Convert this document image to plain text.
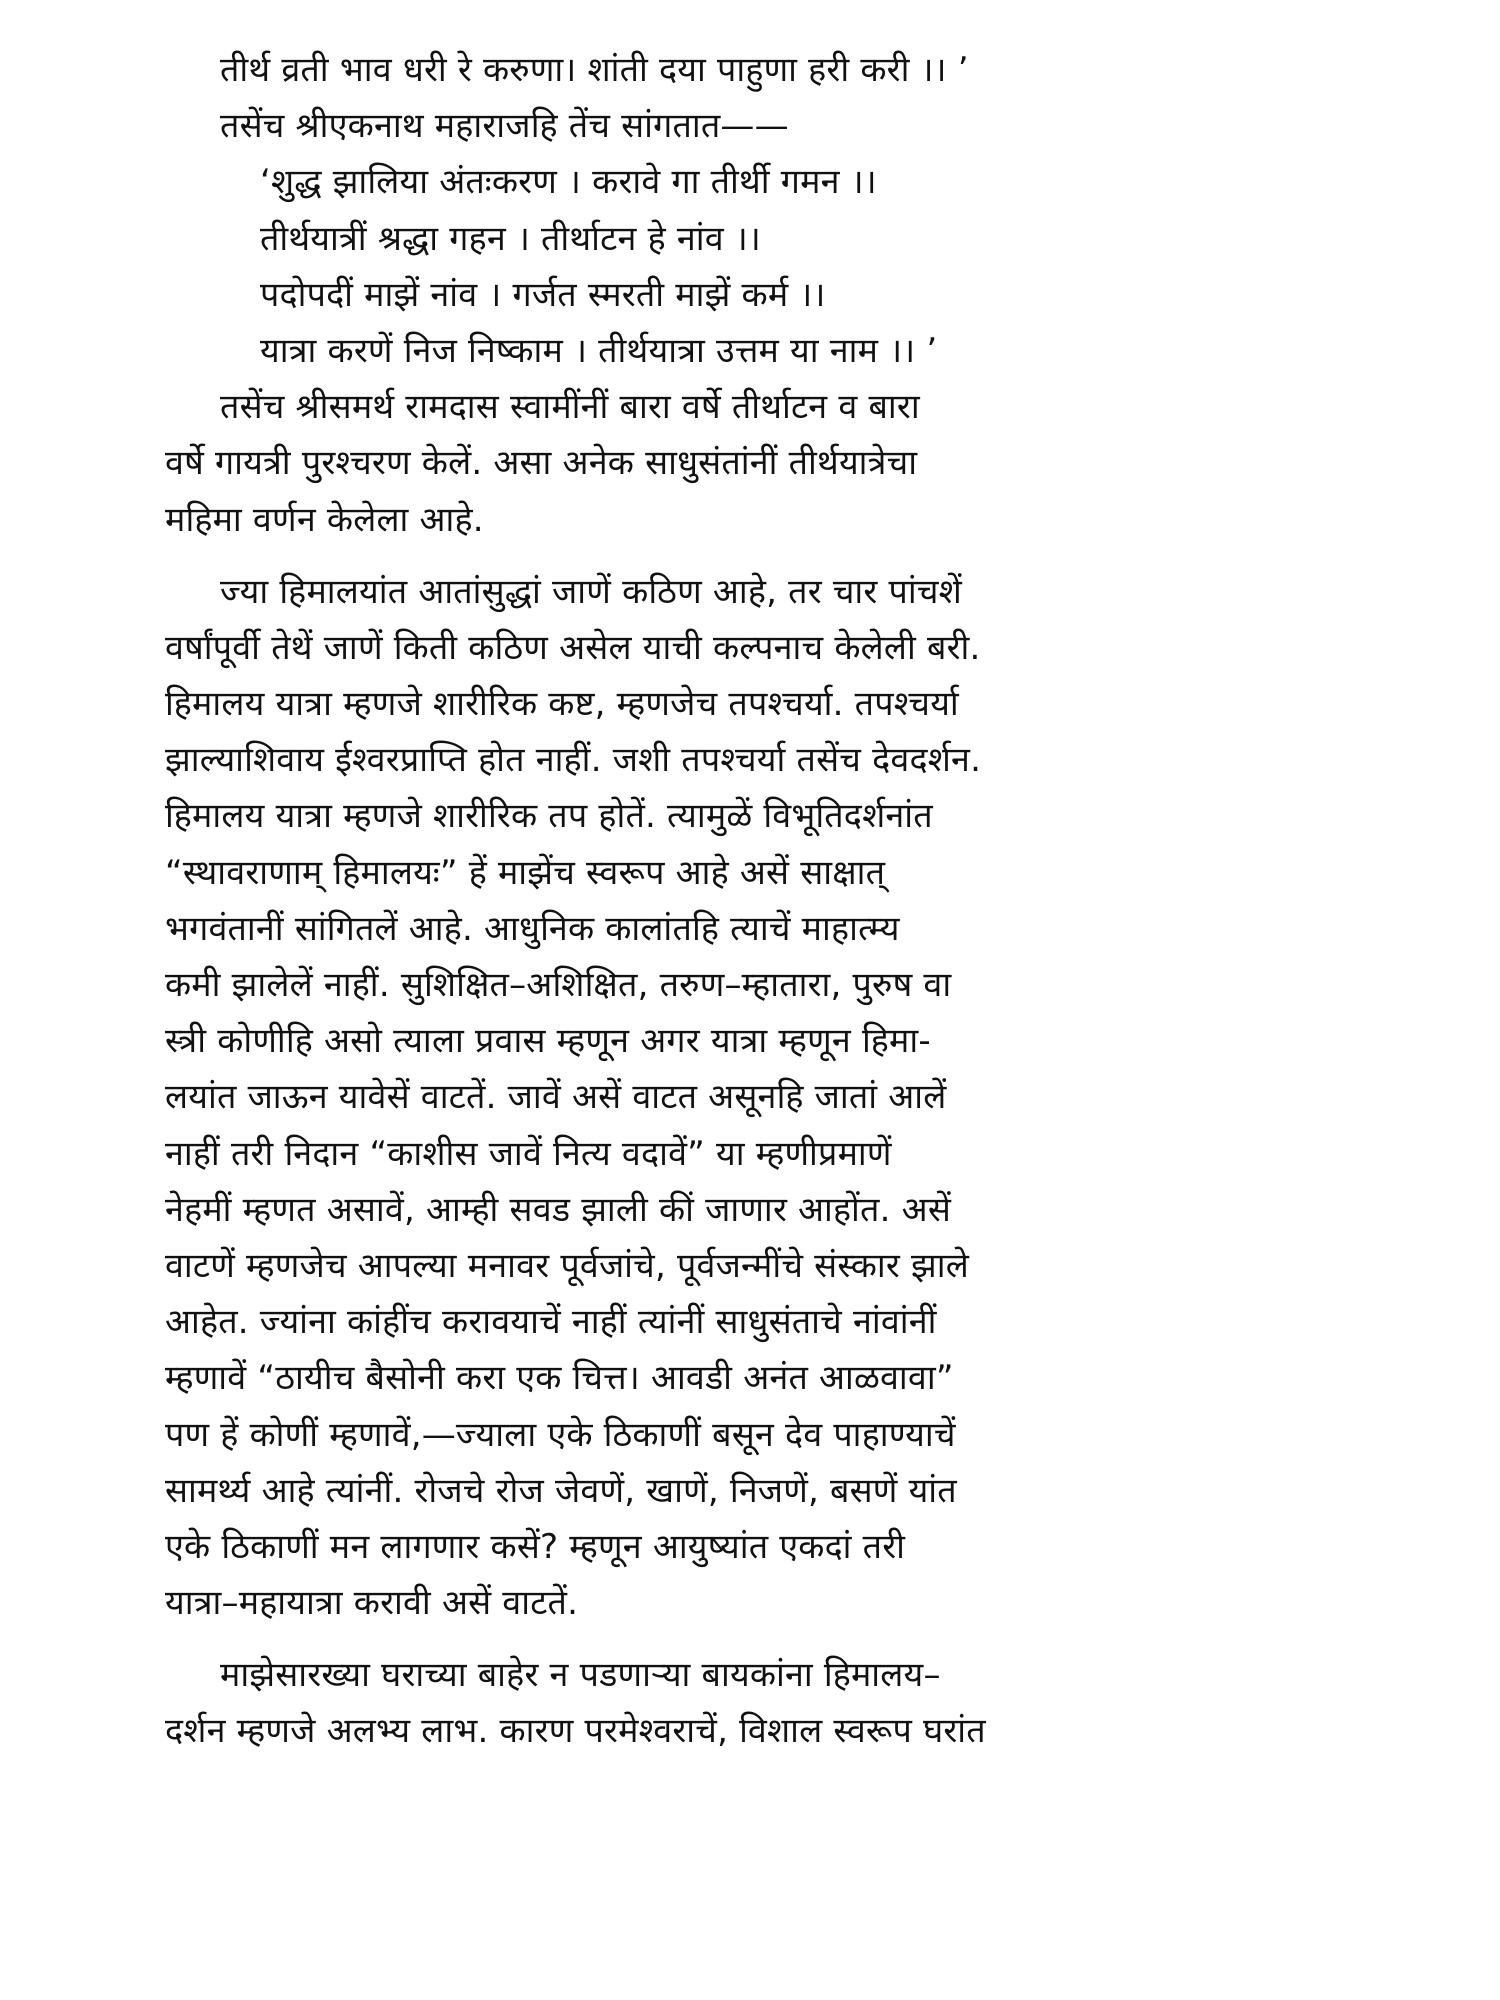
तीर्थ व्रती भाव धरी रे करुणा। शांती दया पाहुणा हरी करी ।। ’
तसेंच श्रीएकनाथ महाराजहि तेंच सांगतात——
‘शुद्ध झालिया अंतःकरण । करावे गा तीर्थी गमन ।।
तीर्थयात्रीं श्रद्धा गहन । तीर्थाटन हे नांव ।।
पदोपदीं माझें नांव । गर्जत स्मरती माझें कर्म ।।
यात्रा करणें निज निष्काम । तीर्थयात्रा उत्तम या नाम ।। ’
तसेंच श्रीसमर्थ रामदास स्वामींनीं बारा वर्षे तीर्थाटन व बारा
वर्षे गायत्री पुरश्चरण केलें. असा अनेक साधुसंतांनीं तीर्थयात्रेचा
महिमा वर्णन केलेला आहे.
ज्या हिमालयांत आतांसुद्धां जाणें कठिण आहे, तर चार पांचशें
वर्षांपूर्वी तेथें जाणें किती कठिण असेल याची कल्पनाच केलेली बरी.
हिमालय यात्रा म्हणजे शारीरिक कष्ट, म्हणजेच तपश्चर्या. तपश्चर्या
झाल्याशिवाय ईश्वरप्राप्ति होत नाहीं. जशी तपश्चर्या तसेंच देवदर्शन.
हिमालय यात्रा म्हणजे शारीरिक तप होतें. त्यामुळें विभूतिदर्शनांत
“स्थावराणाम् हिमालयः” हें माझेंच स्वरूप आहे असें साक्षात्
भगवंतानीं सांगितलें आहे. आधुनिक कालांतहि त्याचें माहात्म्य
कमी झालेलें नाहीं. सुशिक्षित–अशिक्षित, तरुण–म्हातारा, पुरुष वा
स्त्री कोणीहि असो त्याला प्रवास म्हणून अगर यात्रा म्हणून हिमा-
लयांत जाऊन यावेसें वाटतें. जावें असें वाटत असूनहि जातां आलें
नाहीं तरी निदान “काशीस जावें नित्य वदावें” या म्हणीप्रमाणें
नेहमीं म्हणत असावें, आम्ही सवड झाली कीं जाणार आहोंत. असें
वाटणें म्हणजेच आपल्या मनावर पूर्वजांचे, पूर्वजन्मींचे संस्कार झाले
आहेत. ज्यांना कांहींच करावयाचें नाहीं त्यांनीं साधुसंताचे नांवांनीं
म्हणावें “ठायीच बैसोनी करा एक चित्त। आवडी अनंत आळवावा”
पण हें कोणीं म्हणावें,—ज्याला एके ठिकाणीं बसून देव पाहाण्याचें
सामर्थ्य आहे त्यांनीं. रोजचे रोज जेवणें, खाणें, निजणें, बसणें यांत
एके ठिकाणीं मन लागणार कसें? म्हणून आयुष्यांत एकदां तरी
यात्रा–महायात्रा करावी असें वाटतें.
माझेसारख्या घराच्या बाहेर न पडणाऱ्या बायकांना हिमालय–
दर्शन म्हणजे अलभ्य लाभ. कारण परमेश्वराचें, विशाल स्वरूप घरांत
